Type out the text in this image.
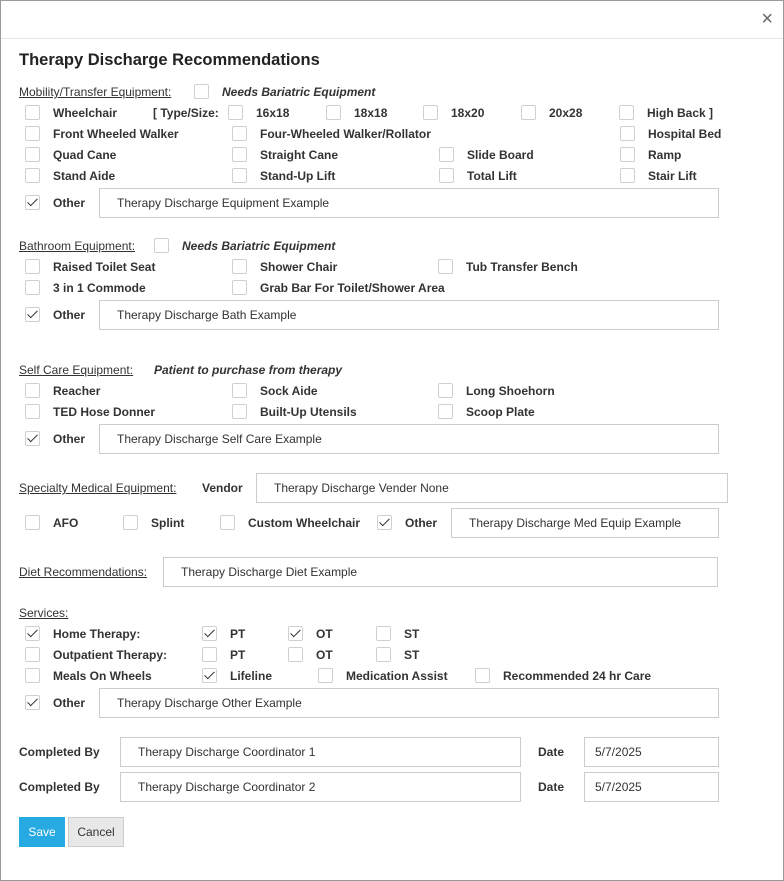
×
Therapy Discharge Recommendations
Mobility/Transfer Equipment:	Needs Bariatric Equipment
Wheelchair	[ Type/Size:	16x18	18x18	18x20	20x28	High Back ]
Front Wheeled Walker	Four-Wheeled Walker/Rollator	Hospital Bed
Quad Cane	Straight Cane	Slide Board	Ramp
Stand Aide	Stand-Up Lift	Total Lift	Stair Lift
Other	Therapy Discharge Equipment Example
Bathroom Equipment:	Needs Bariatric Equipment
Raised Toilet Seat	Shower Chair	Tub Transfer Bench
3 in 1 Commode	Grab Bar For Toilet/Shower Area
Other	Therapy Discharge Bath Example
Self Care Equipment: Patient to purchase from therapy
Reacher	Sock Aide	Long Shoehorn
TED Hose Donner	Built-Up Utensils	Scoop Plate
Other	Therapy Discharge Self Care Example
Specialty Medical Equipment: Vendor	Therapy Discharge Vender None
AFO	Splint	Custom Wheelchair	Other	Therapy Discharge Med Equip Example
Diet Recommendations:	Therapy Discharge Diet Example
Services:
Home Therapy:	PT	OT	ST
Outpatient Therapy:	PT	OT	ST
Meals On Wheels	Lifeline	Medication Assist	Recommended 24 hr Care
Other	Therapy Discharge Other Example
Completed By	Therapy Discharge Coordinator 1	Date	5/7/2025
Completed By	Therapy Discharge Coordinator 2	Date	5/7/2025
Save	Cancel
